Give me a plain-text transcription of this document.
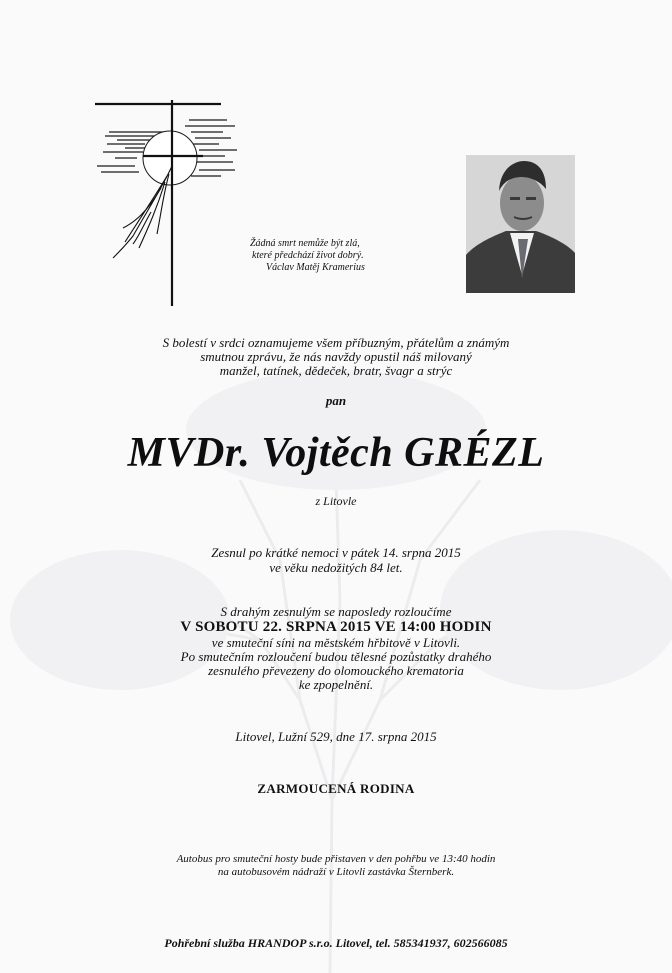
Žádná smrt nemůže být zlá,
které předchází život dobrý.
Václav Matěj Kramerius
S bolestí v srdci oznamujeme všem příbuzným, přátelům a známým
smutnou zprávu, že nás navždy opustil náš milovaný
manžel, tatínek, dědeček, bratr, švagr a strýc
pan
MVDr. Vojtěch GRÉZL
z Litovle
Zesnul po krátké nemoci v pátek 14. srpna 2015
ve věku nedožitých 84 let.
S drahým zesnulým se naposledy rozloučíme
V SOBOTU 22. SRPNA 2015 VE 14:00 HODIN
ve smuteční síni na městském hřbitově v Litovli.
Po smutečním rozloučení budou tělesné pozůstatky drahého
zesnulého převezeny do olomouckého krematoria
ke zpopelnění.
Litovel, Lužní 529, dne 17. srpna 2015
ZARMOUCENÁ RODINA
Autobus pro smuteční hosty bude přistaven v den pohřbu ve 13:40 hodin
na autobusovém nádraží v Litovli zastávka Šternberk.
Pohřební služba HRANDOP s.r.o. Litovel, tel. 585341937, 602566085
